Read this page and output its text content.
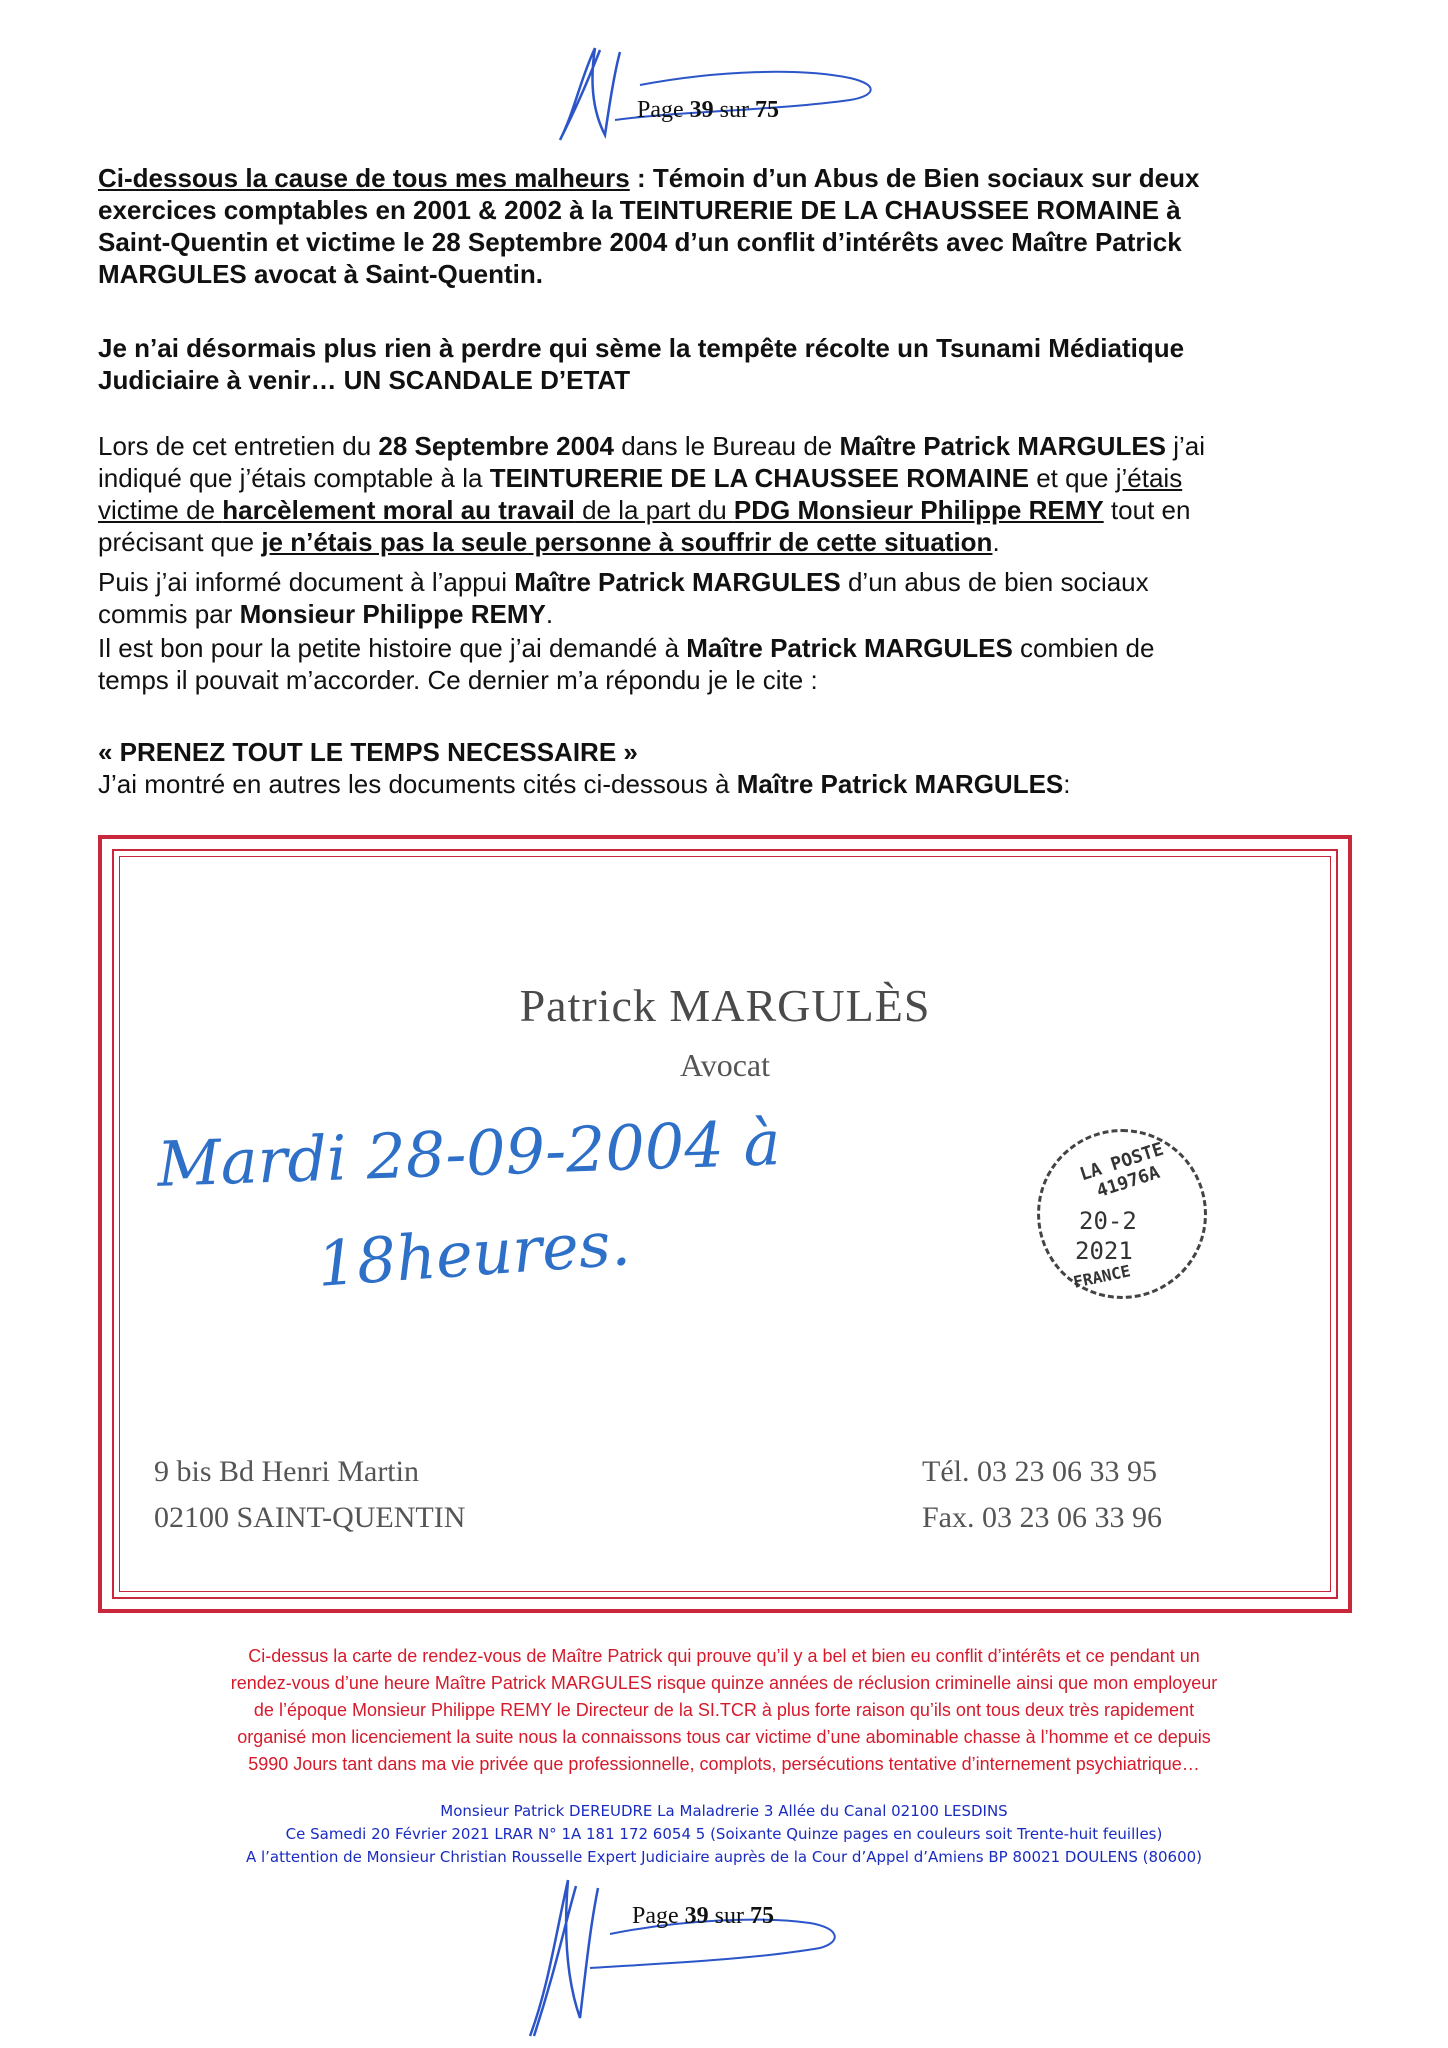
Page 39 sur 75
Ci-dessous la cause de tous mes malheurs : Témoin d’un Abus de Bien sociaux sur deux
exercices comptables en 2001 & 2002 à la TEINTURERIE DE LA CHAUSSEE ROMAINE à
Saint-Quentin et victime le 28 Septembre 2004 d’un conflit d’intérêts avec Maître Patrick
MARGULES avocat à Saint-Quentin.
Je n’ai désormais plus rien à perdre qui sème la tempête récolte un Tsunami Médiatique
Judiciaire à venir… UN SCANDALE D’ETAT
Lors de cet entretien du 28 Septembre 2004 dans le Bureau de Maître Patrick MARGULES j’ai
indiqué que j’étais comptable à la TEINTURERIE DE LA CHAUSSEE ROMAINE et que j’étais
victime de harcèlement moral au travail de la part du PDG Monsieur Philippe REMY tout en
précisant que je n’étais pas la seule personne à souffrir de cette situation.
Puis j’ai informé document à l’appui Maître Patrick MARGULES d’un abus de bien sociaux
commis par Monsieur Philippe REMY.
Il est bon pour la petite histoire que j’ai demandé à Maître Patrick MARGULES combien de
temps il pouvait m’accorder. Ce dernier m’a répondu je le cite :
« PRENEZ TOUT LE TEMPS NECESSAIRE »
J’ai montré en autres les documents cités ci-dessous à Maître Patrick MARGULES:
Patrick MARGULÈS
Avocat
Mardi 28-09-2004 à
18heures.
LA POSTE 41976A
20-2
2021
FRANCE
9 bis Bd Henri Martin
02100 SAINT-QUENTIN
Tél. 03 23 06 33 95
Fax. 03 23 06 33 96
Ci-dessus la carte de rendez-vous de Maître Patrick qui prouve qu’il y a bel et bien eu conflit d’intérêts et ce pendant un
rendez-vous d’une heure Maître Patrick MARGULES risque quinze années de réclusion criminelle ainsi que mon employeur
de l’époque Monsieur Philippe REMY le Directeur de la SI.TCR à plus forte raison qu’ils ont tous deux très rapidement
organisé mon licenciement la suite nous la connaissons tous car victime d’une abominable chasse à l’homme et ce depuis
5990 Jours tant dans ma vie privée que professionnelle, complots, persécutions tentative d’internement psychiatrique…
Monsieur Patrick DEREUDRE La Maladrerie 3 Allée du Canal 02100 LESDINS
Ce Samedi 20 Février 2021 LRAR N° 1A 181 172 6054 5 (Soixante Quinze pages en couleurs soit Trente-huit feuilles)
A l’attention de Monsieur Christian Rousselle Expert Judiciaire auprès de la Cour d’Appel d’Amiens BP 80021 DOULENS (80600)
Page 39 sur 75
